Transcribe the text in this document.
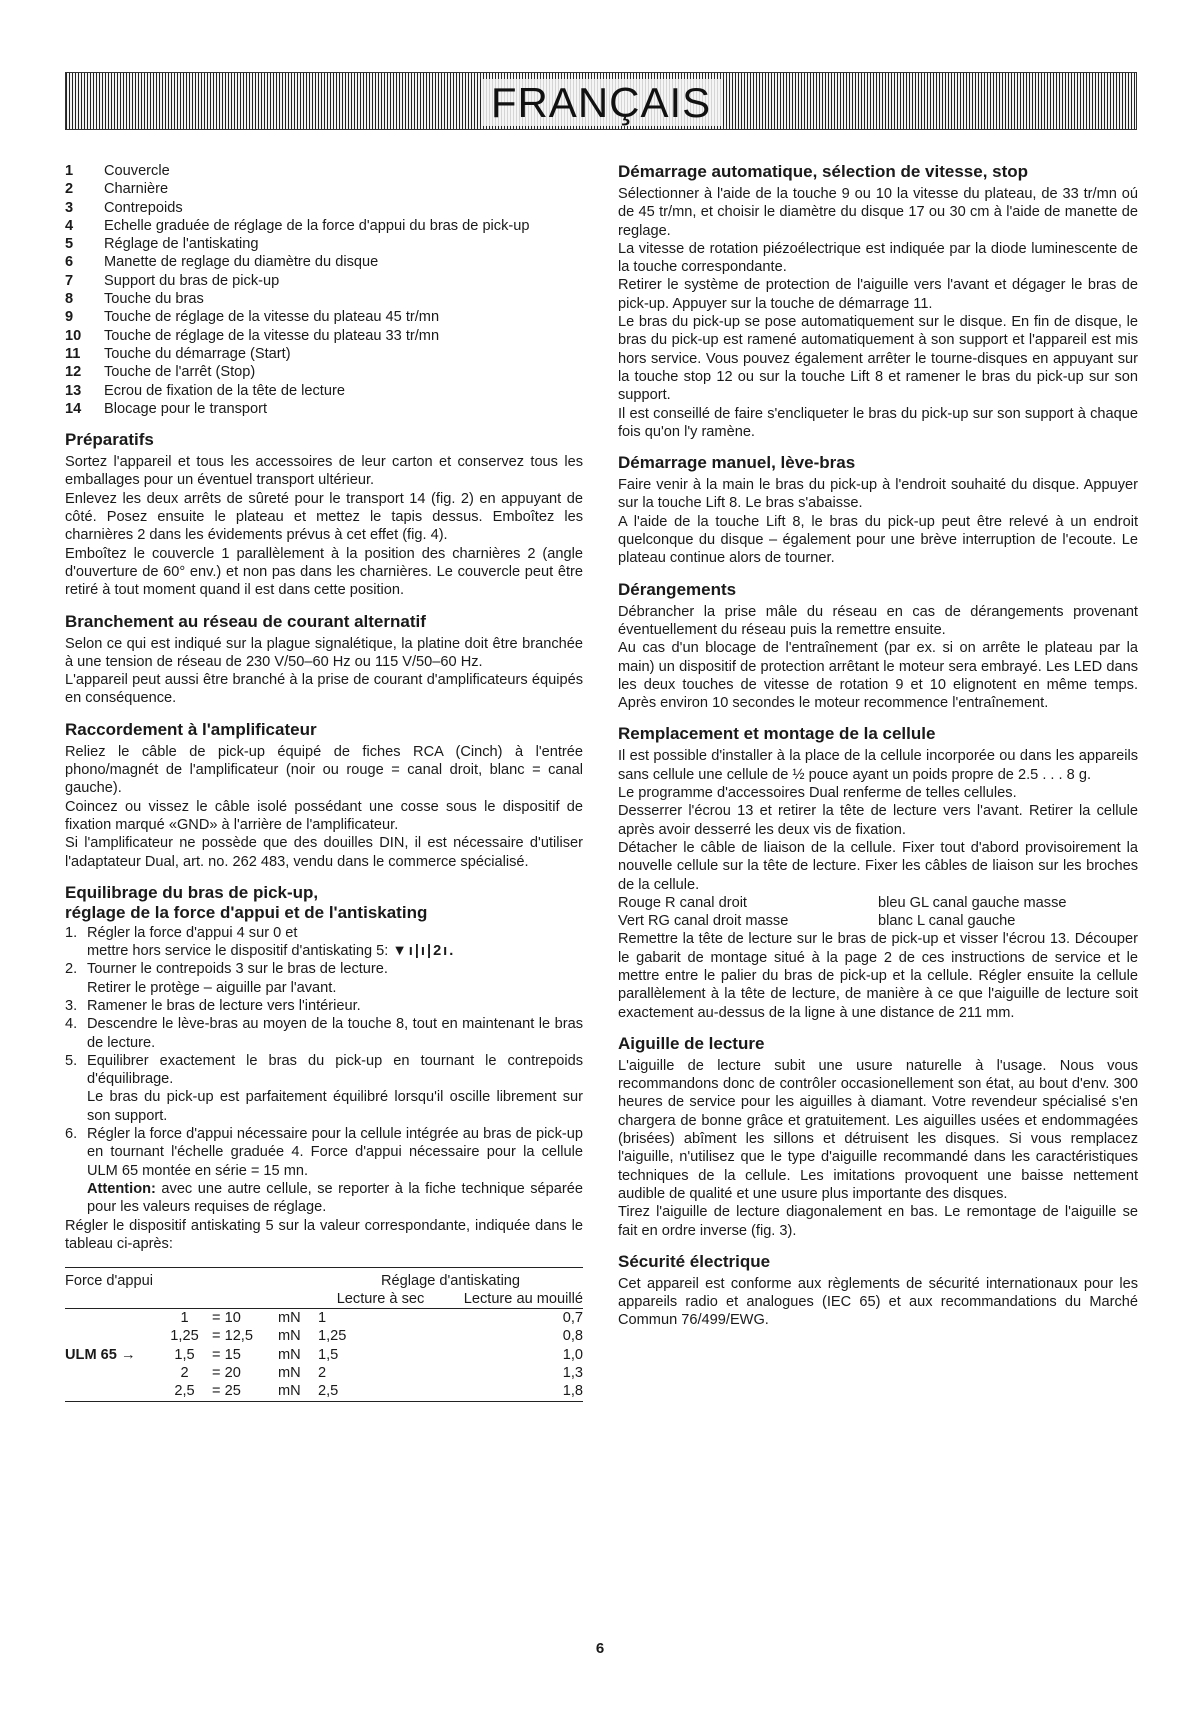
FRANÇAIS
1	Couvercle
2	Charnière
3	Contrepoids
4	Echelle graduée de réglage de la force d'appui du bras de pick-up
5	Réglage de l'antiskating
6	Manette de reglage du diamètre du disque
7	Support du bras de pick-up
8	Touche du bras
9	Touche de réglage de la vitesse du plateau 45 tr/mn
10	Touche de réglage de la vitesse du plateau 33 tr/mn
11	Touche du démarrage (Start)
12	Touche de l'arrêt (Stop)
13	Ecrou de fixation de la tête de lecture
14	Blocage pour le transport
Préparatifs

Sortez l'appareil et tous les accessoires de leur carton et conservez tous les emballages pour un éventuel transport ultérieur.

Enlevez les deux arrêts de sûreté pour le transport 14 (fig. 2) en appuyant de côté. Posez ensuite le plateau et mettez le tapis dessus. Emboîtez les charnières 2 dans les évidements prévus à cet effet (fig. 4).

Emboîtez le couvercle 1 parallèlement à la position des charnières 2 (angle d'ouverture de 60° env.) et non pas dans les charnières. Le couvercle peut être retiré à tout moment quand il est dans cette position.

Branchement au réseau de courant alternatif

Selon ce qui est indiqué sur la plague signalétique, la platine doit être branchée à une tension de réseau de 230 V/50–60 Hz ou 115 V/50–60 Hz.

L'appareil peut aussi être branché à la prise de courant d'amplificateurs équipés en conséquence.

Raccordement à l'amplificateur

Reliez le câble de pick-up équipé de fiches RCA (Cinch) à l'entrée phono/magnét de l'amplificateur (noir ou rouge = canal droit, blanc = canal gauche).

Coincez ou vissez le câble isolé possédant une cosse sous le dispositif de fixation marqué «GND» à l'arrière de l'amplificateur.

Si l'amplificateur ne possède que des douilles DIN, il est nécessaire d'utiliser l'adaptateur Dual, art. no. 262 483, vendu dans le commerce spécialisé.

Equilibrage du bras de pick-up,
réglage de la force d'appui et de l'antiskating
1. Régler la force d'appui 4 sur 0 et

mettre hors service le dispositif d'antiskating 5: ▼ı|ı|2ı.

2. Tourner le contrepoids 3 sur le bras de lecture.

Retirer le protège – aiguille par l'avant.

3. Ramener le bras de lecture vers l'intérieur.

4. Descendre le lève-bras au moyen de la touche 8, tout en maintenant le bras de lecture.

5. Equilibrer exactement le bras du pick-up en tournant le contrepoids d'équilibrage.

Le bras du pick-up est parfaitement équilibré lorsqu'il oscille librement sur son support.

6. Régler la force d'appui nécessaire pour la cellule intégrée au bras de pick-up en tournant l'échelle graduée 4. Force d'appui nécessaire pour la cellule ULM 65 montée en série = 15 mn.

Attention: avec une autre cellule, se reporter à la fiche technique séparée pour les valeurs requises de réglage.

Régler le dispositif antiskating 5 sur la valeur correspondante, indiquée dans le tableau ci-après:

Force d'appui				Réglage d'antiskating	
				Lecture à sec	Lecture au mouillé
	1	= 10	mN	1	0,7
	1,25	= 12,5	mN	1,25	0,8
ULM 65 →	1,5	= 15	mN	1,5	1,0
	2	= 20	mN	2	1,3
	2,5	= 25	mN	2,5	1,8
Démarrage automatique, sélection de vitesse, stop

Sélectionner à l'aide de la touche 9 ou 10 la vitesse du plateau, de 33 tr/mn oú de 45 tr/mn, et choisir le diamètre du disque 17 ou 30 cm à l'aide de manette de reglage.

La vitesse de rotation piézoélectrique est indiquée par la diode luminescente de la touche correspondante.

Retirer le système de protection de l'aiguille vers l'avant et dégager le bras de pick-up. Appuyer sur la touche de démarrage 11.

Le bras du pick-up se pose automatiquement sur le disque. En fin de disque, le bras du pick-up est ramené automatiquement à son support et l'appareil est mis hors service. Vous pouvez également arrêter le tourne-disques en appuyant sur la touche stop 12 ou sur la touche Lift 8 et ramener le bras du pick-up sur son support.

Il est conseillé de faire s'encliqueter le bras du pick-up sur son support à chaque fois qu'on l'y ramène.

Démarrage manuel, lève-bras

Faire venir à la main le bras du pick-up à l'endroit souhaité du disque. Appuyer sur la touche Lift 8. Le bras s'abaisse.

A l'aide de la touche Lift 8, le bras du pick-up peut être relevé à un endroit quelconque du disque – également pour une brève interruption de l'ecoute. Le plateau continue alors de tourner.

Dérangements

Débrancher la prise mâle du réseau en cas de dérangements provenant éventuellement du réseau puis la remettre ensuite.

Au cas d'un blocage de l'entraînement (par ex. si on arrête le plateau par la main) un dispositif de protection arrêtant le moteur sera embrayé. Les LED dans les deux touches de vitesse de rotation 9 et 10 elignotent en même temps. Après environ 10 secondes le moteur recommence l'entraînement.

Remplacement et montage de la cellule

Il est possible d'installer à la place de la cellule incorporée ou dans les appareils sans cellule une cellule de ½ pouce ayant un poids propre de 2.5 . . . 8 g.

Le programme d'accessoires Dual renferme de telles cellules.

Desserrer l'écrou 13 et retirer la tête de lecture vers l'avant. Retirer la cellule après avoir desserré les deux vis de fixation.

Détacher le câble de liaison de la cellule. Fixer tout d'abord provisoirement la nouvelle cellule sur la tête de lecture. Fixer les câbles de liaison sur les broches de la cellule.

Rouge R canal droit	bleu GL canal gauche masse
Vert RG canal droit masse	blanc L canal gauche

Remettre la tête de lecture sur le bras de pick-up et visser l'écrou 13. Découper le gabarit de montage situé à la page 2 de ces instructions de service et le mettre entre le palier du bras de pick-up et la cellule. Régler ensuite la cellule parallèlement à la tête de lecture, de manière à ce que l'aiguille de lecture soit exactement au-dessus de la ligne à une distance de 211 mm.

Aiguille de lecture

L'aiguille de lecture subit une usure naturelle à l'usage. Nous vous recommandons donc de contrôler occasionellement son état, au bout d'env. 300 heures de service pour les aiguilles à diamant. Votre revendeur spécialisé s'en chargera de bonne grâce et gratuitement. Les aiguilles usées et endommagées (brisées) abîment les sillons et détruisent les disques. Si vous remplacez l'aiguille, n'utilisez que le type d'aiguille recommandé dans les caractéristiques techniques de la cellule. Les imitations provoquent une baisse nettement audible de qualité et une usure plus importante des disques.

Tirez l'aiguille de lecture diagonalement en bas. Le remontage de l'aiguille se fait en ordre inverse (fig. 3).

Sécurité électrique

Cet appareil est conforme aux règlements de sécurité internationaux pour les appareils radio et analogues (IEC 65) et aux recommandations du Marché Commun 76/499/EWG.

6
